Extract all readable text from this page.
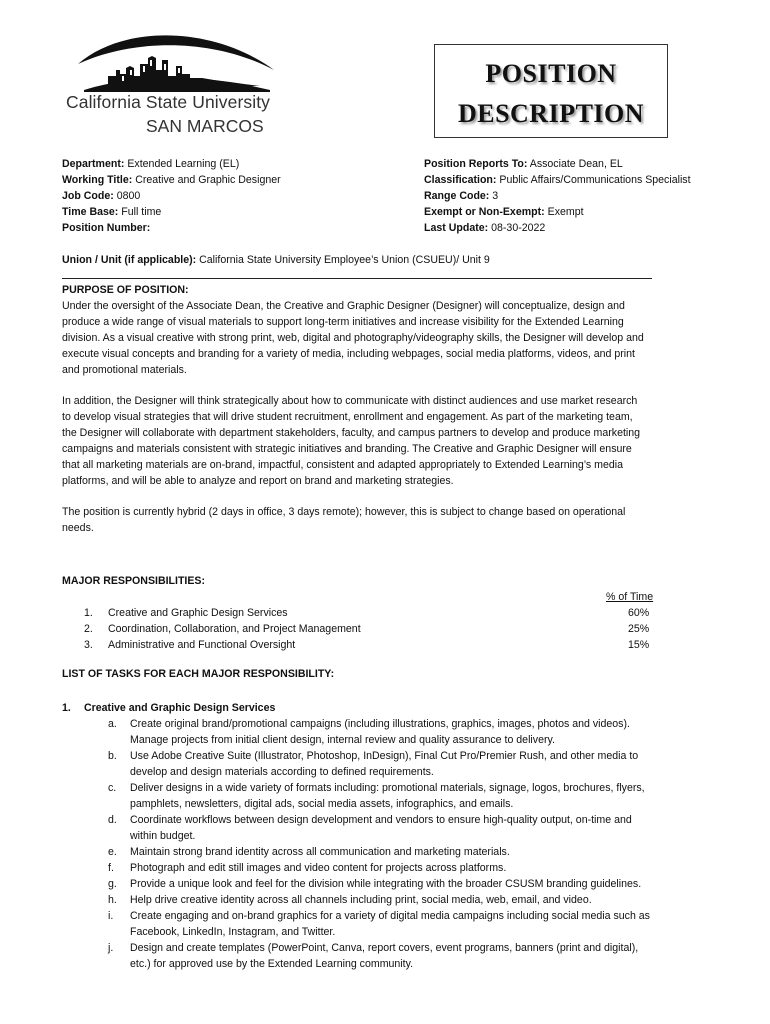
California State University
SAN MARCOS
POSITION
DESCRIPTION
Department: Extended Learning (EL)
Working Title: Creative and Graphic Designer
Job Code: 0800
Time Base: Full time
Position Number:
Position Reports To: Associate Dean, EL
Classification: Public Affairs/Communications Specialist
Range Code: 3
Exempt or Non-Exempt: Exempt
Last Update: 08-30-2022
Union / Unit (if applicable): California State University Employee’s Union (CSUEU)/ Unit 9
PURPOSE OF POSITION:
Under the oversight of the Associate Dean, the Creative and Graphic Designer (Designer) will conceptualize, design and
produce a wide range of visual materials to support long-term initiatives and increase visibility for the Extended Learning
division. As a visual creative with strong print, web, digital and photography/videography skills, the Designer will develop and
execute visual concepts and branding for a variety of media, including webpages, social media platforms, videos, and print
and promotional materials.
In addition, the Designer will think strategically about how to communicate with distinct audiences and use market research
to develop visual strategies that will drive student recruitment, enrollment and engagement. As part of the marketing team,
the Designer will collaborate with department stakeholders, faculty, and campus partners to develop and produce marketing
campaigns and materials consistent with strategic initiatives and branding. The Creative and Graphic Designer will ensure
that all marketing materials are on-brand, impactful, consistent and adapted appropriately to Extended Learning’s media
platforms, and will be able to analyze and report on brand and marketing strategies.
The position is currently hybrid (2 days in office, 3 days remote); however, this is subject to change based on operational
needs.
MAJOR RESPONSIBILITIES:
% of Time
1.	Creative and Graphic Design Services	60%
2.	Coordination, Collaboration, and Project Management	25%
3.	Administrative and Functional Oversight	15%
LIST OF TASKS FOR EACH MAJOR RESPONSIBILITY:
1. Creative and Graphic Design Services
a. Create original brand/promotional campaigns (including illustrations, graphics, images, photos and videos).
Manage projects from initial client design, internal review and quality assurance to delivery.
b. Use Adobe Creative Suite (Illustrator, Photoshop, InDesign), Final Cut Pro/Premier Rush, and other media to
develop and design materials according to defined requirements.
c. Deliver designs in a wide variety of formats including: promotional materials, signage, logos, brochures, flyers,
pamphlets, newsletters, digital ads, social media assets, infographics, and emails.
d. Coordinate workflows between design development and vendors to ensure high-quality output, on-time and
within budget.
e. Maintain strong brand identity across all communication and marketing materials.
f. Photograph and edit still images and video content for projects across platforms.
g. Provide a unique look and feel for the division while integrating with the broader CSUSM branding guidelines.
h. Help drive creative identity across all channels including print, social media, web, email, and video.
i. Create engaging and on-brand graphics for a variety of digital media campaigns including social media such as
Facebook, LinkedIn, Instagram, and Twitter.
j. Design and create templates (PowerPoint, Canva, report covers, event programs, banners (print and digital),
etc.) for approved use by the Extended Learning community.
